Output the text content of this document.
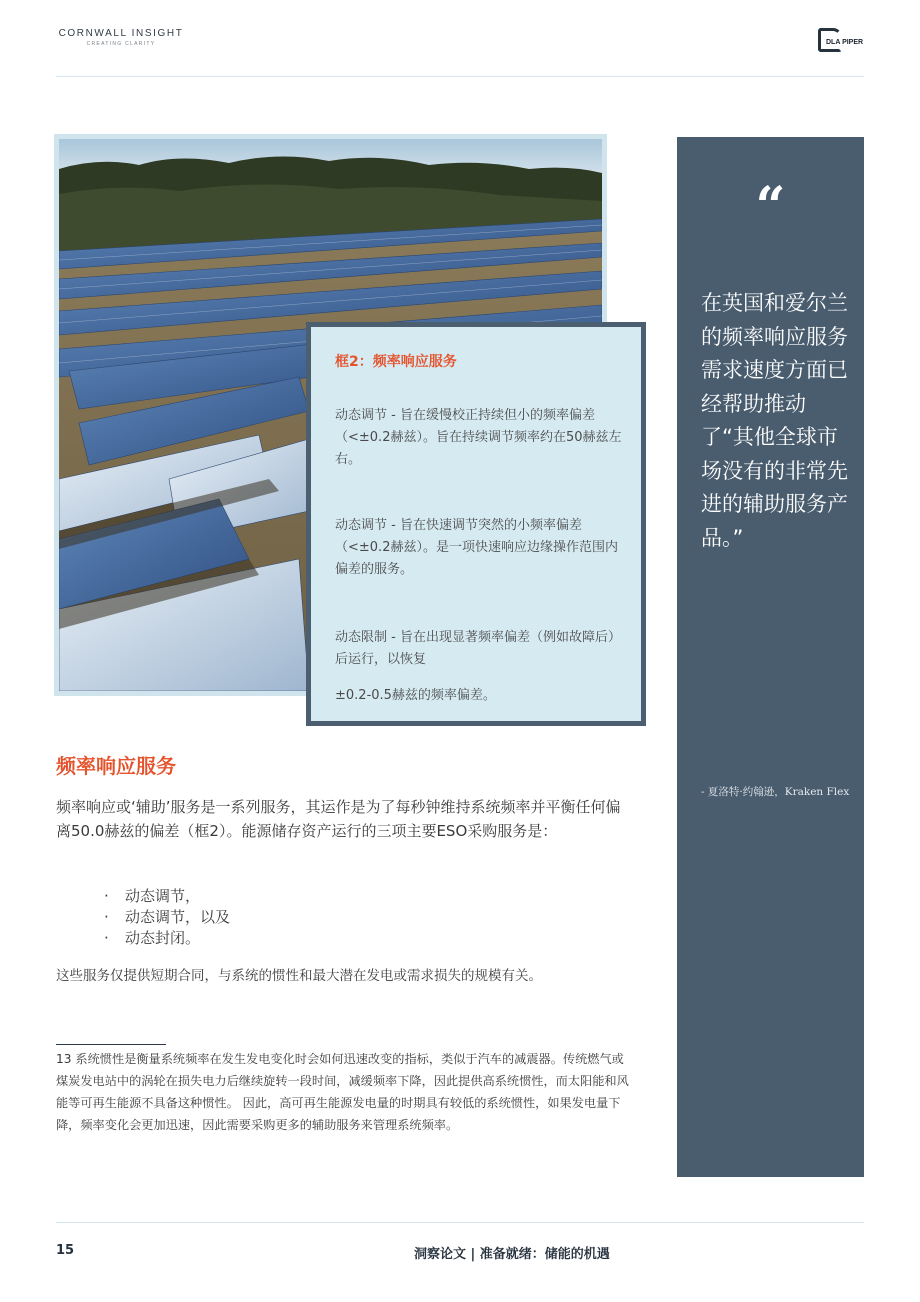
CORNWALL INSIGHT
CREATING CLARITY	DLA PIPER
框2：频率响应服务
动态调节 - 旨在缓慢校正持续但小的频率偏差（<±0.2赫兹）。旨在持续调节频率约在50赫兹左右。
动态调节 - 旨在快速调节突然的小频率偏差（<±0.2赫兹）。是一项快速响应边缘操作范围内偏差的服务。
动态限制 - 旨在出现显著频率偏差（例如故障后）后运行，以恢复
±0.2-0.5赫兹的频率偏差。
“
在英国和爱尔兰的频率响应服务需求速度方面已经帮助推动了“其他全球市场没有的非常先进的辅助服务产品。”
- 夏洛特·约翰逊，Kraken Flex
频率响应服务
频率响应或‘辅助’服务是一系列服务，其运作是为了每秒钟维持系统频率并平衡任何偏离50.0赫兹的偏差（框2）。能源储存资产运行的三项主要ESO采购服务是：
· 动态调节，
· 动态调节，以及
· 动态封闭。
这些服务仅提供短期合同，与系统的惯性和最大潜在发电或需求损失的规模有关。
13 系统惯性是衡量系统频率在发生发电变化时会如何迅速改变的指标，类似于汽车的减震器。传统燃气或煤炭发电站中的涡轮在损失电力后继续旋转一段时间，减缓频率下降，因此提供高系统惯性，而太阳能和风能等可再生能源不具备这种惯性。 因此，高可再生能源发电量的时期具有较低的系统惯性，如果发电量下降，频率变化会更加迅速，因此需要采购更多的辅助服务来管理系统频率。
15	洞察论文 | 准备就绪：储能的机遇
